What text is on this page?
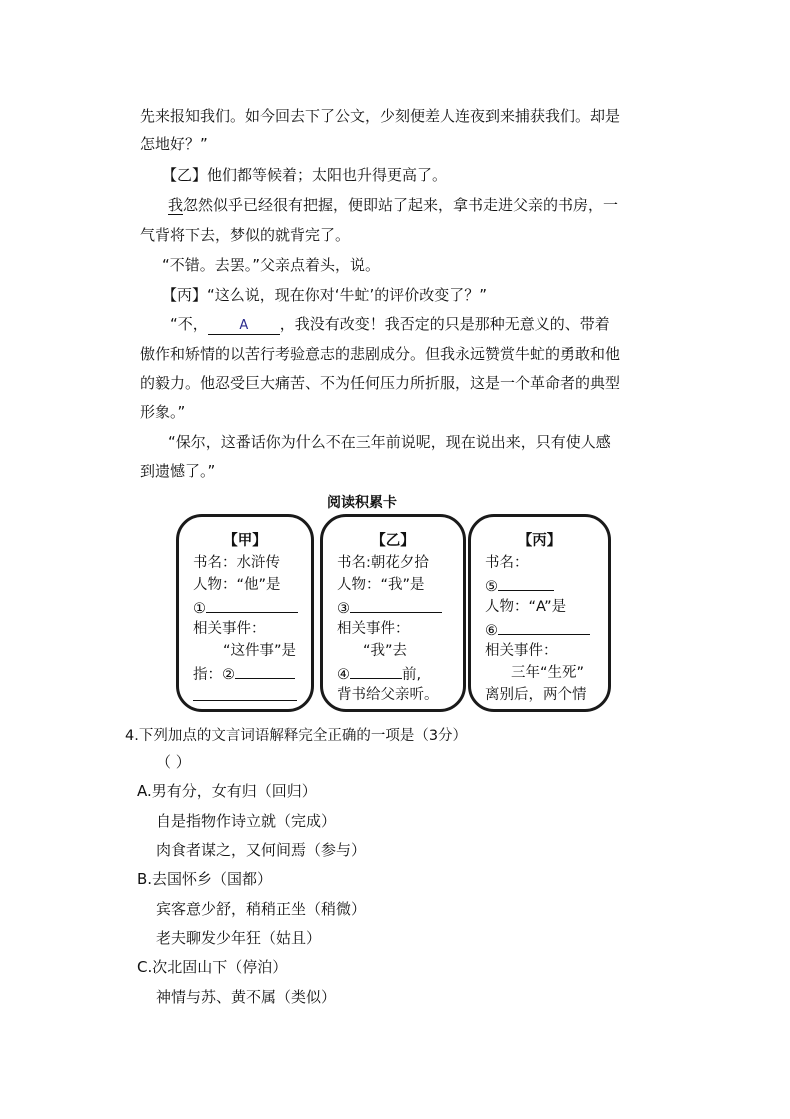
先来报知我们。如今回去下了公文，少刻便差人连夜到来捕获我们。却是
怎地好？”
【乙】他们都等候着；太阳也升得更高了。
我忽然似乎已经很有把握，便即站了起来，拿书走进父亲的书房，一
气背将下去，梦似的就背完了。
“不错。去罢。”父亲点着头，说。
【丙】“这么说，现在你对‘牛虻’的评价改变了？”
“不， A ，我没有改变！我否定的只是那种无意义的、带着
傲作和矫情的以苦行考验意志的悲剧成分。但我永远赞赏牛虻的勇敢和他
的毅力。他忍受巨大痛苦、不为任何压力所折服，这是一个革命者的典型
形象。”
“保尔，这番话你为什么不在三年前说呢，现在说出来，只有使人感
到遗憾了。”
阅读积累卡
【甲】
书名：水浒传
人物：“他”是
①
相关事件：
“这件事”是
指：②
【乙】
书名:朝花夕拾
人物：“我”是
③
相关事件：
“我”去
④	前,
背书给父亲听。
【丙】
书名：
⑤
人物：“A”是
⑥
相关事件：
三年“生死”
离别后，两个情
4.下列加点的文言词语解释完全正确的一项是（3分）
（ ）
A.男有分，女有归（回归）
自是指物作诗立就（完成）
肉食者谋之，又何间焉（参与）
B.去国怀乡（国都）
宾客意少舒，稍稍正坐（稍微）
老夫聊发少年狂（姑且）
C.次北固山下（停泊）
神情与苏、黄不属（类似）
